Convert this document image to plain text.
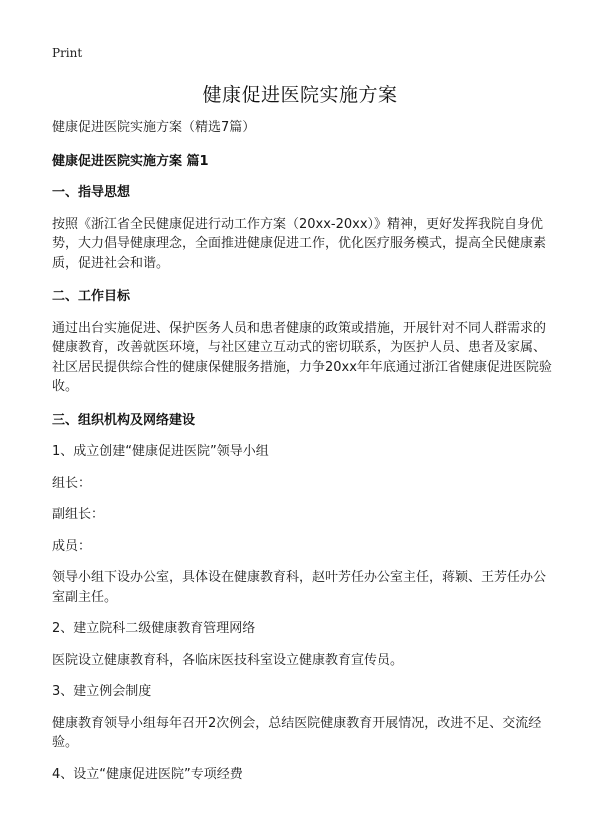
Print
健康促进医院实施方案

健康促进医院实施方案（精选7篇）

健康促进医院实施方案 篇1

一、指导思想

按照《浙江省全民健康促进行动工作方案（20xx-20xx）》精神，更好发挥我院自身优势，大力倡导健康理念，全面推进健康促进工作，优化医疗服务模式，提高全民健康素质，促进社会和谐。

二、工作目标

通过出台实施促进、保护医务人员和患者健康的政策或措施，开展针对不同人群需求的健康教育，改善就医环境，与社区建立互动式的密切联系，为医护人员、患者及家属、社区居民提供综合性的健康保健服务措施，力争20xx年年底通过浙江省健康促进医院验收。

三、组织机构及网络建设

1、成立创建“健康促进医院”领导小组

组长：

副组长：

成员：

领导小组下设办公室，具体设在健康教育科，赵叶芳任办公室主任，蒋颖、王芳任办公室副主任。

2、建立院科二级健康教育管理网络

医院设立健康教育科，各临床医技科室设立健康教育宣传员。

3、建立例会制度

健康教育领导小组每年召开2次例会，总结医院健康教育开展情况，改进不足、交流经验。

4、设立“健康促进医院”专项经费
